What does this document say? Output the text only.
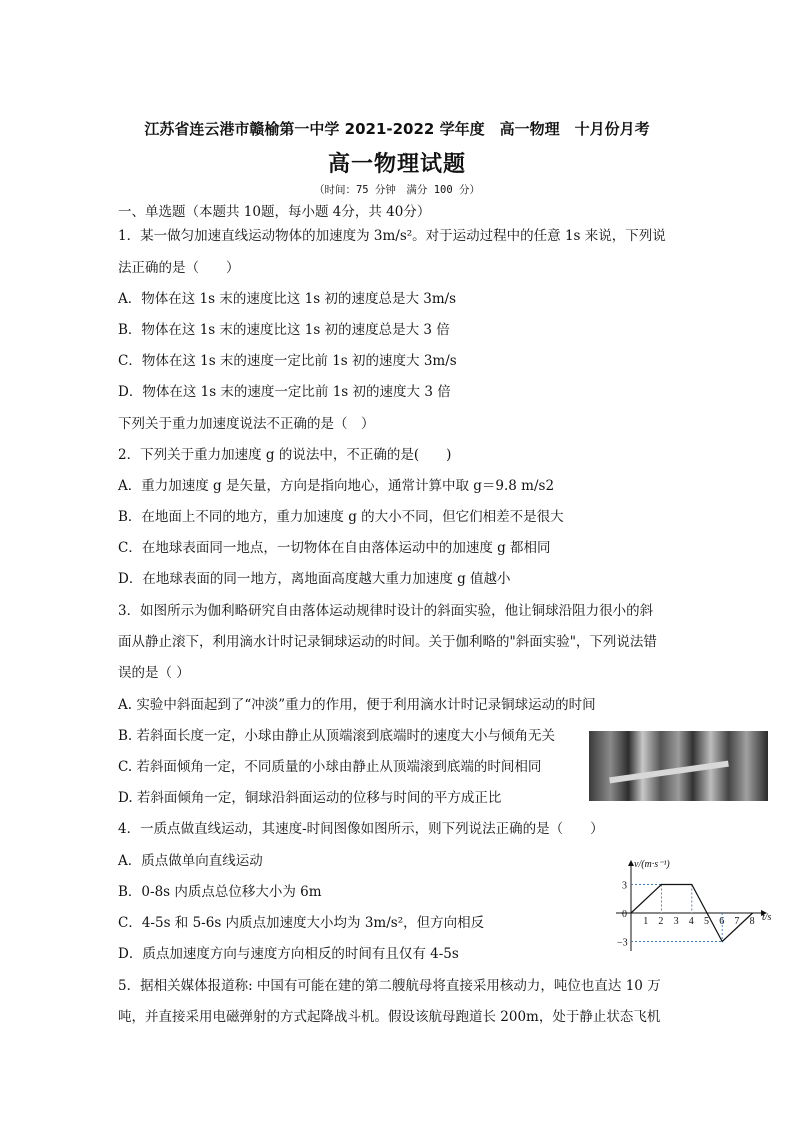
江苏省连云港市赣榆第一中学 2021-2022 学年度　高一物理　十月份月考
高一物理试题
（时间：75 分钟　满分 100 分）
一、单选题（本题共 10题，每小题 4分，共 40分）
1．某一做匀加速直线运动物体的加速度为 3m/s²。对于运动过程中的任意 1s 来说，下列说
法正确的是（　　）
A．物体在这 1s 末的速度比这 1s 初的速度总是大 3m/s
B．物体在这 1s 末的速度比这 1s 初的速度总是大 3 倍
C．物体在这 1s 末的速度一定比前 1s 初的速度大 3m/s
D．物体在这 1s 末的速度一定比前 1s 初的速度大 3 倍
下列关于重力加速度说法不正确的是（　）
2．下列关于重力加速度 g 的说法中，不正确的是(　　)
A．重力加速度 g 是矢量，方向是指向地心，通常计算中取 g＝9.8 m/s2
B．在地面上不同的地方，重力加速度 g 的大小不同，但它们相差不是很大
C．在地球表面同一地点，一切物体在自由落体运动中的加速度 g 都相同
D．在地球表面的同一地方，离地面高度越大重力加速度 g 值越小
3．如图所示为伽利略研究自由落体运动规律时设计的斜面实验，他让铜球沿阻力很小的斜
面从静止滚下，利用滴水计时记录铜球运动的时间。关于伽利略的"斜面实验"，下列说法错
误的是（ ）
A. 实验中斜面起到了“冲淡”重力的作用，便于利用滴水计时记录铜球运动的时间
B. 若斜面长度一定，小球由静止从顶端滚到底端时的速度大小与倾角无关
C. 若斜面倾角一定，不同质量的小球由静止从顶端滚到底端的时间相同
D. 若斜面倾角一定，铜球沿斜面运动的位移与时间的平方成正比
4．一质点做直线运动，其速度-时间图像如图所示，则下列说法正确的是（　　）
A．质点做单向直线运动
B．0-8s 内质点总位移大小为 6m
C．4-5s 和 5-6s 内质点加速度大小均为 3m/s²，但方向相反
D．质点加速度方向与速度方向相反的时间有且仅有 4-5s
v/(m·s⁻¹)
t/s
1 2 3 4 5 6 7 8
3
0
−3
5．据相关媒体报道称: 中国有可能在建的第二艘航母将直接采用核动力，吨位也直达 10 万
吨，并直接采用电磁弹射的方式起降战斗机。假设该航母跑道长 200m，处于静止状态飞机
